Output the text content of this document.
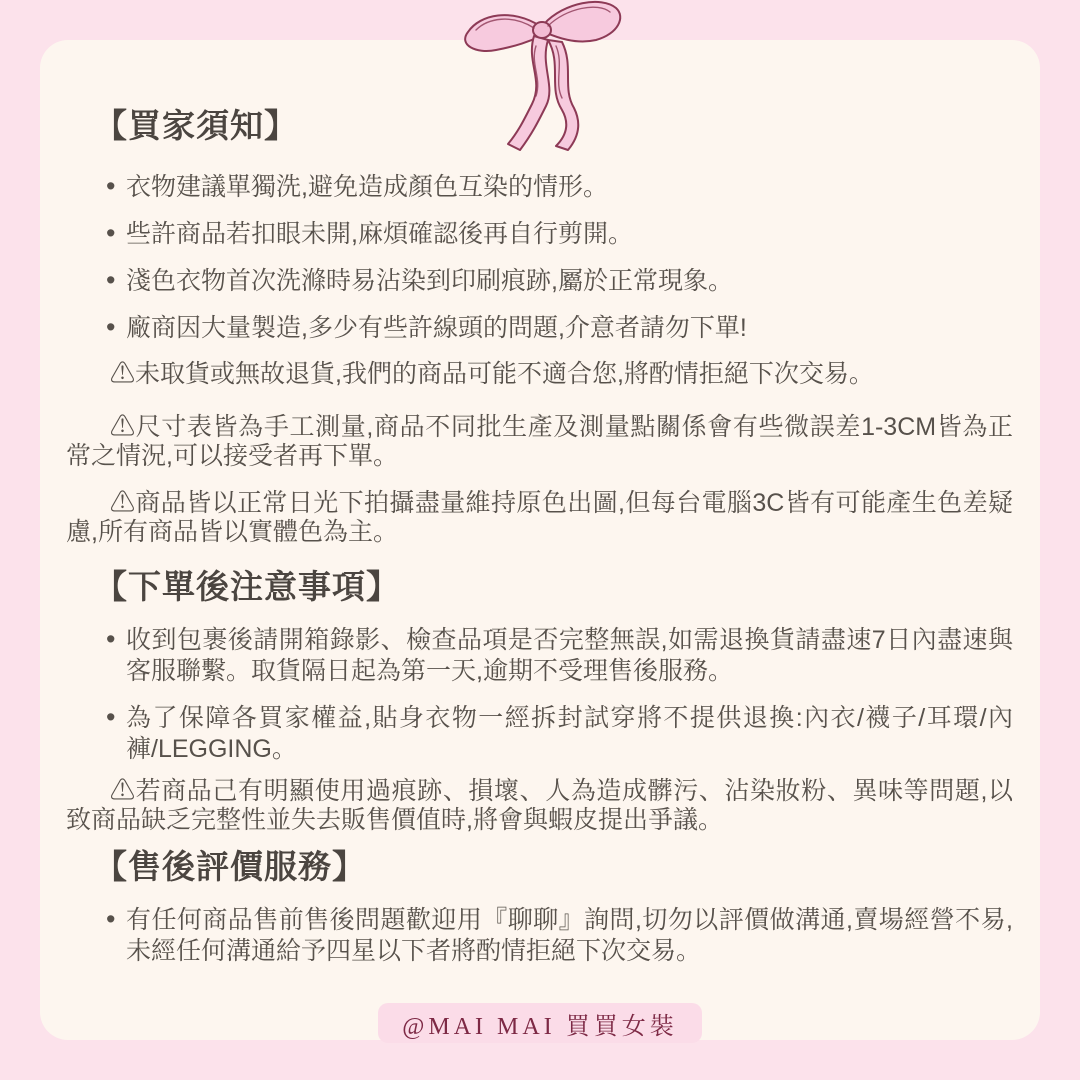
【買家須知】
• 衣物建議單獨洗,避免造成顏色互染的情形。
• 些許商品若扣眼未開,麻煩確認後再自行剪開。
• 淺色衣物首次洗滌時易沾染到印刷痕跡,屬於正常現象。
• 廠商因大量製造,多少有些許線頭的問題,介意者請勿下單!

⚠未取貨或無故退貨,我們的商品可能不適合您,將酌情拒絕下次交易。

⚠尺寸表皆為手工測量,商品不同批生產及測量點關係會有些微誤差1-3CM皆為正常之情況,可以接受者再下單。

⚠商品皆以正常日光下拍攝盡量維持原色出圖,但每台電腦3C皆有可能產生色差疑慮,所有商品皆以實體色為主。

【下單後注意事項】
• 收到包裹後請開箱錄影、檢查品項是否完整無誤,如需退換貨請盡速7日內盡速與客服聯繫。取貨隔日起為第一天,逾期不受理售後服務。
• 為了保障各買家權益,貼身衣物一經拆封試穿將不提供退換:內衣/襪子/耳環/內褲/LEGGING。

⚠若商品己有明顯使用過痕跡、損壞、人為造成髒污、沾染妝粉、異味等問題,以致商品缺乏完整性並失去販售價值時,將會與蝦皮提出爭議。

【售後評價服務】
• 有任何商品售前售後問題歡迎用『聊聊』詢問,切勿以評價做溝通,賣場經營不易,未經任何溝通給予四星以下者將酌情拒絕下次交易。
@MAI MAI 買買女裝
